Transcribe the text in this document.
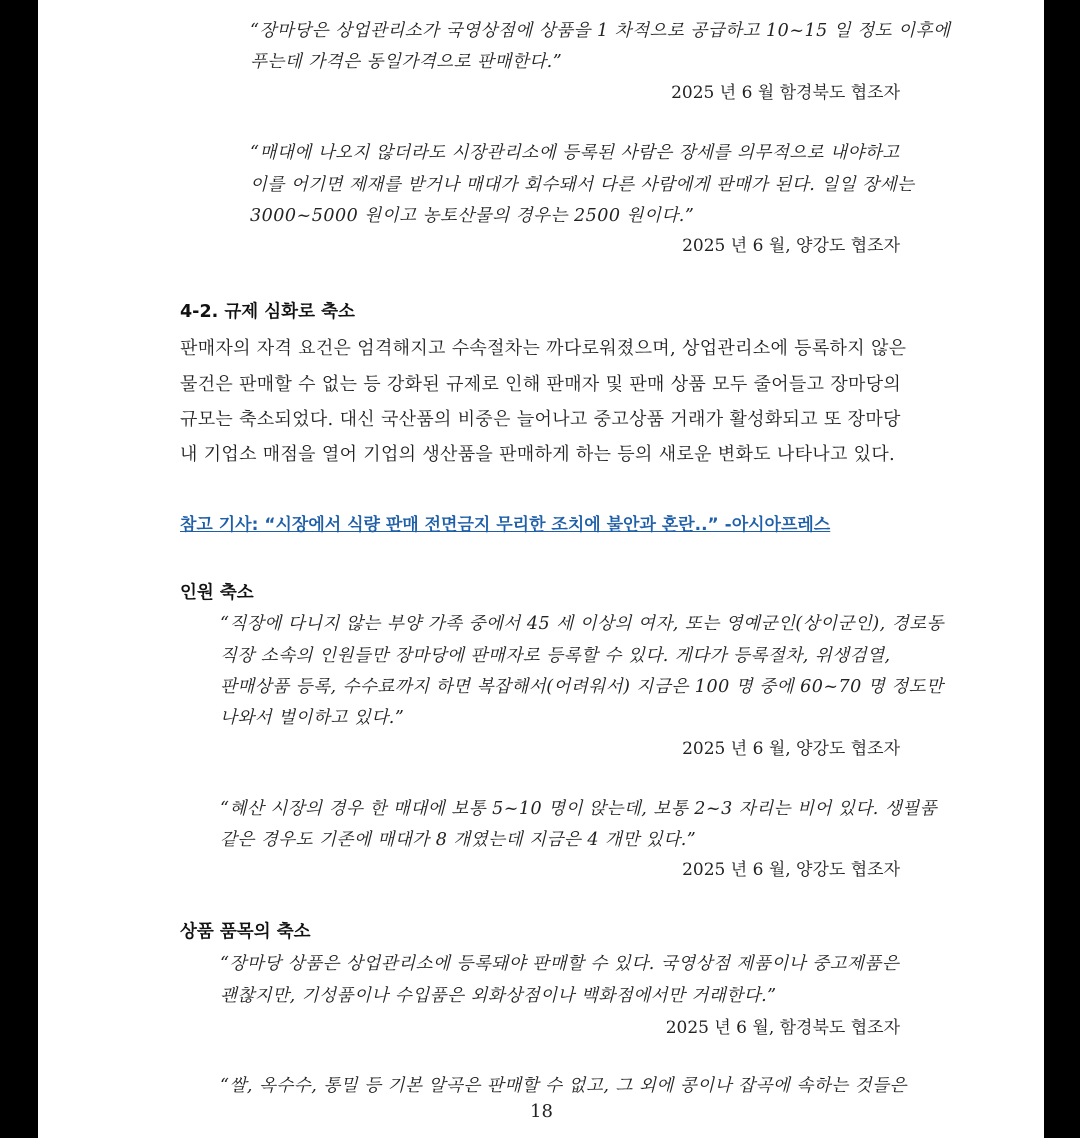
“장마당은 상업관리소가 국영상점에 상품을 1 차적으로 공급하고 10~15 일 정도 이후에
푸는데 가격은 동일가격으로 판매한다.”
2025 년 6 월 함경북도 협조자
“매대에 나오지 않더라도 시장관리소에 등록된 사람은 장세를 의무적으로 내야하고
이를 어기면 제재를 받거나 매대가 회수돼서 다른 사람에게 판매가 된다. 일일 장세는
3000~5000 원이고 농토산물의 경우는 2500 원이다.”
2025 년 6 월, 양강도 협조자
4-2. 규제 심화로 축소
판매자의 자격 요건은 엄격해지고 수속절차는 까다로워졌으며, 상업관리소에 등록하지 않은
물건은 판매할 수 없는 등 강화된 규제로 인해 판매자 및 판매 상품 모두 줄어들고 장마당의
규모는 축소되었다. 대신 국산품의 비중은 늘어나고 중고상품 거래가 활성화되고 또 장마당
내 기업소 매점을 열어 기업의 생산품을 판매하게 하는 등의 새로운 변화도 나타나고 있다.
참고 기사: “시장에서 식량 판매 전면금지 무리한 조치에 불안과 혼란..” -아시아프레스
인원 축소
“직장에 다니지 않는 부양 가족 중에서 45 세 이상의 여자, 또는 영예군인(상이군인), 경로동
직장 소속의 인원들만 장마당에 판매자로 등록할 수 있다. 게다가 등록절차, 위생검열,
판매상품 등록, 수수료까지 하면 복잡해서(어려워서) 지금은 100 명 중에 60~70 명 정도만
나와서 벌이하고 있다.”
2025 년 6 월, 양강도 협조자
“혜산 시장의 경우 한 매대에 보통 5~10 명이 앉는데, 보통 2~3 자리는 비어 있다. 생필품
같은 경우도 기존에 매대가 8 개였는데 지금은 4 개만 있다.”
2025 년 6 월, 양강도 협조자
상품 품목의 축소
“장마당 상품은 상업관리소에 등록돼야 판매할 수 있다. 국영상점 제품이나 중고제품은
괜찮지만, 기성품이나 수입품은 외화상점이나 백화점에서만 거래한다.”
2025 년 6 월, 함경북도 협조자
“쌀, 옥수수, 통밀 등 기본 알곡은 판매할 수 없고, 그 외에 콩이나 잡곡에 속하는 것들은
18
